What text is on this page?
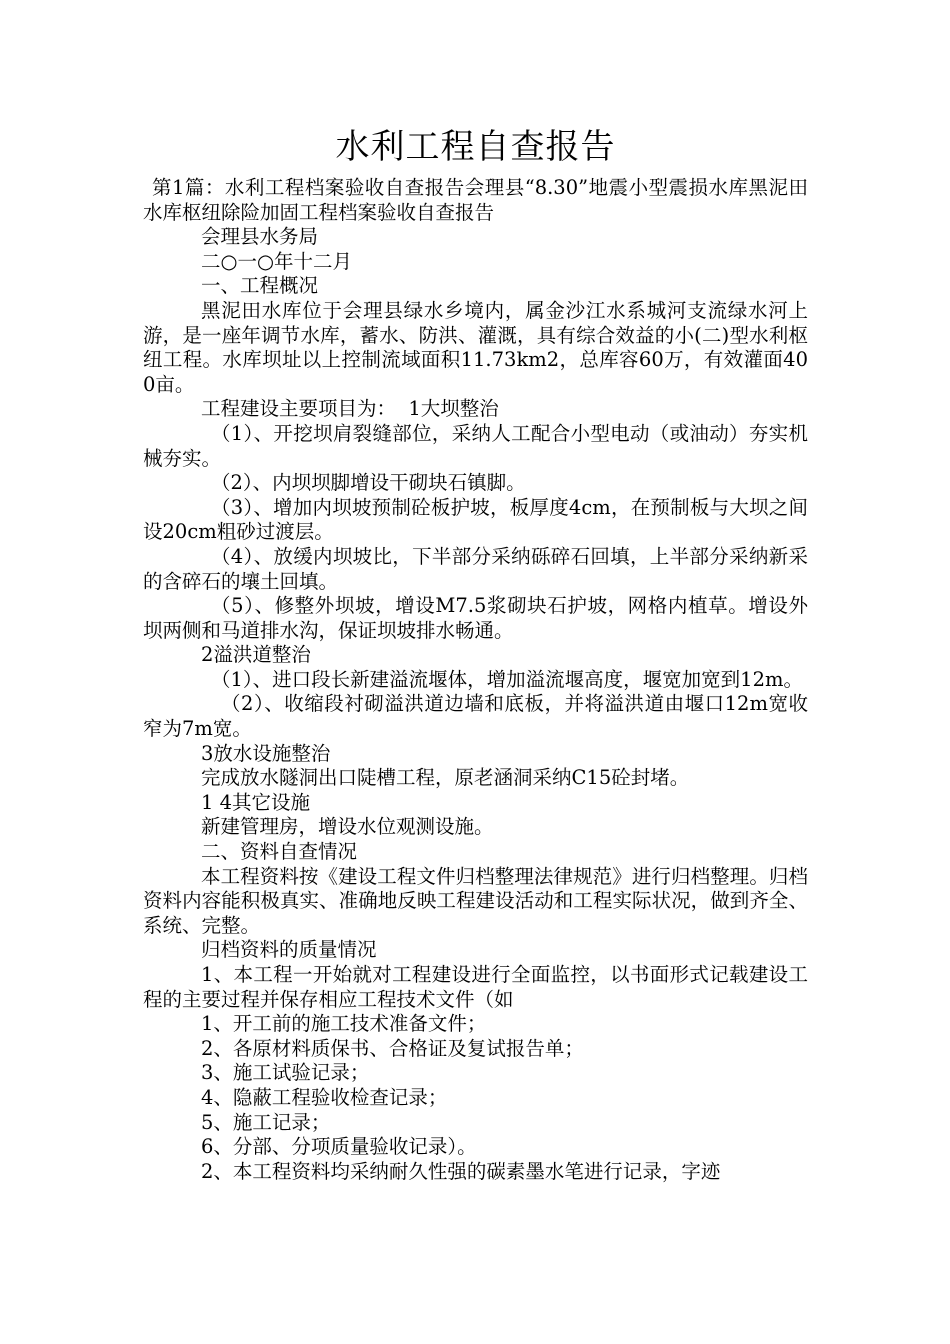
水利工程自查报告

第1篇：水利工程档案验收自查报告会理县“8.30”地震小型震损水库黑泥田水库枢纽除险加固工程档案验收自查报告

会理县水务局

二○一○年十二月

一、工程概况

黑泥田水库位于会理县绿水乡境内，属金沙江水系城河支流绿水河上游，是一座年调节水库，蓄水、防洪、灌溉，具有综合效益的小(二)型水利枢纽工程。水库坝址以上控制流域面积11.73km2，总库容60万，有效灌面400亩。

工程建设主要项目为：  1大坝整治

（1）、开挖坝肩裂缝部位，采纳人工配合小型电动（或油动）夯实机械夯实。

（2）、内坝坝脚增设干砌块石镇脚。

（3）、增加内坝坡预制砼板护坡，板厚度4cm，在预制板与大坝之间设20cm粗砂过渡层。

（4）、放缓内坝坡比，下半部分采纳砾碎石回填，上半部分采纳新采的含碎石的壤土回填。

（5）、修整外坝坡，增设M7.5浆砌块石护坡，网格内植草。增设外坝两侧和马道排水沟，保证坝坡排水畅通。

2溢洪道整治

（1）、进口段长新建溢流堰体，增加溢流堰高度，堰宽加宽到12m。

（2）、收缩段衬砌溢洪道边墙和底板，并将溢洪道由堰口12m宽收窄为7m宽。

3放水设施整治

完成放水隧洞出口陡槽工程，原老涵洞采纳C15砼封堵。

1 4其它设施

新建管理房，增设水位观测设施。

二、资料自查情况

本工程资料按《建设工程文件归档整理法律规范》进行归档整理。归档资料内容能积极真实、准确地反映工程建设活动和工程实际状况，做到齐全、系统、完整。

归档资料的质量情况

1、本工程一开始就对工程建设进行全面监控，以书面形式记载建设工程的主要过程并保存相应工程技术文件（如

1、开工前的施工技术准备文件；

2、各原材料质保书、合格证及复试报告单；

3、施工试验记录；

4、隐蔽工程验收检查记录；

5、施工记录；

6、分部、分项质量验收记录）。

2、本工程资料均采纳耐久性强的碳素墨水笔进行记录，字迹
